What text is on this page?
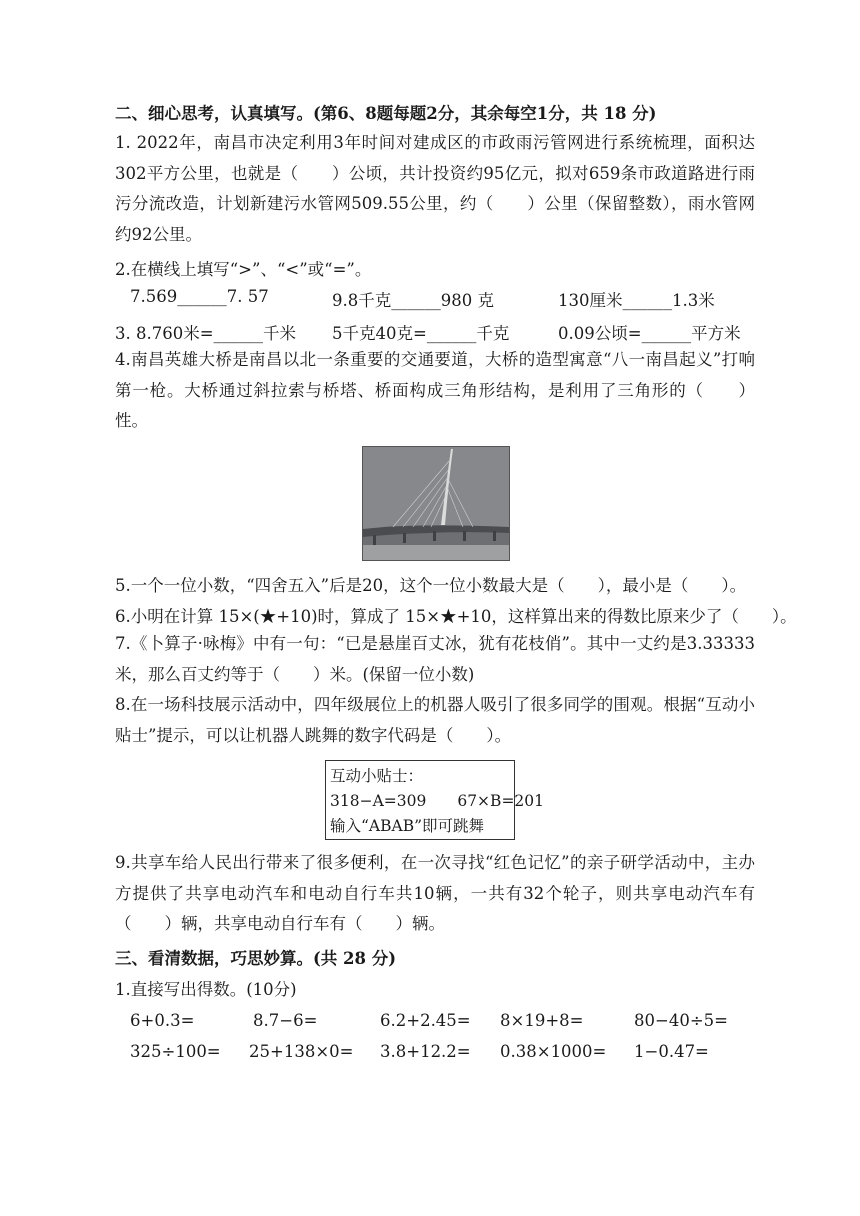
二、细心思考，认真填写。(第6、8题每题2分，其余每空1分，共 18 分)
1. 2022年，南昌市决定利用3年时间对建成区的市政雨污管网进行系统梳理，面积达302平方公里，也就是（　　）公顷，共计投资约95亿元，拟对659条市政道路进行雨污分流改造，计划新建污水管网509.55公里，约（　　）公里（保留整数），雨水管网约92公里。
2.在横线上填写“>”、“<”或“=”。
7.569______7. 57	9.8千克______980 克	130厘米______1.3米
3. 8.760米=______千米 5千克40克=______千克	0.09公顷=______平方米
4.南昌英雄大桥是南昌以北一条重要的交通要道，大桥的造型寓意“八一南昌起义”打响第一枪。大桥通过斜拉索与桥塔、桥面构成三角形结构，是利用了三角形的（　　）性。
5.一个一位小数，“四舍五入”后是20，这个一位小数最大是（　　），最小是（　　）。
6.小明在计算 15×(★+10)时，算成了 15×★+10，这样算出来的得数比原来少了（　　）。
7.《卜算子·咏梅》中有一句：“已是悬崖百丈冰，犹有花枝俏”。其中一丈约是3.33333 米，那么百丈约等于（　　）米。(保留一位小数)
8.在一场科技展示活动中，四年级展位上的机器人吸引了很多同学的围观。根据“互动小贴士”提示，可以让机器人跳舞的数字代码是（　　）。
互动小贴士：
318−A=309　　67×B=201
输入“ABAB”即可跳舞
9.共享车给人民出行带来了很多便利，在一次寻找“红色记忆”的亲子研学活动中，主办方提供了共享电动汽车和电动自行车共10辆，一共有32个轮子，则共享电动汽车有（　　）辆，共享电动自行车有（　　）辆。
三、看清数据，巧思妙算。(共 28 分)
1.直接写出得数。(10分)
6+0.3=	8.7−6=	6.2+2.45= 8×19+8=	80−40÷5=
325÷100= 25+138×0= 3.8+12.2= 0.38×1000= 1−0.47=
